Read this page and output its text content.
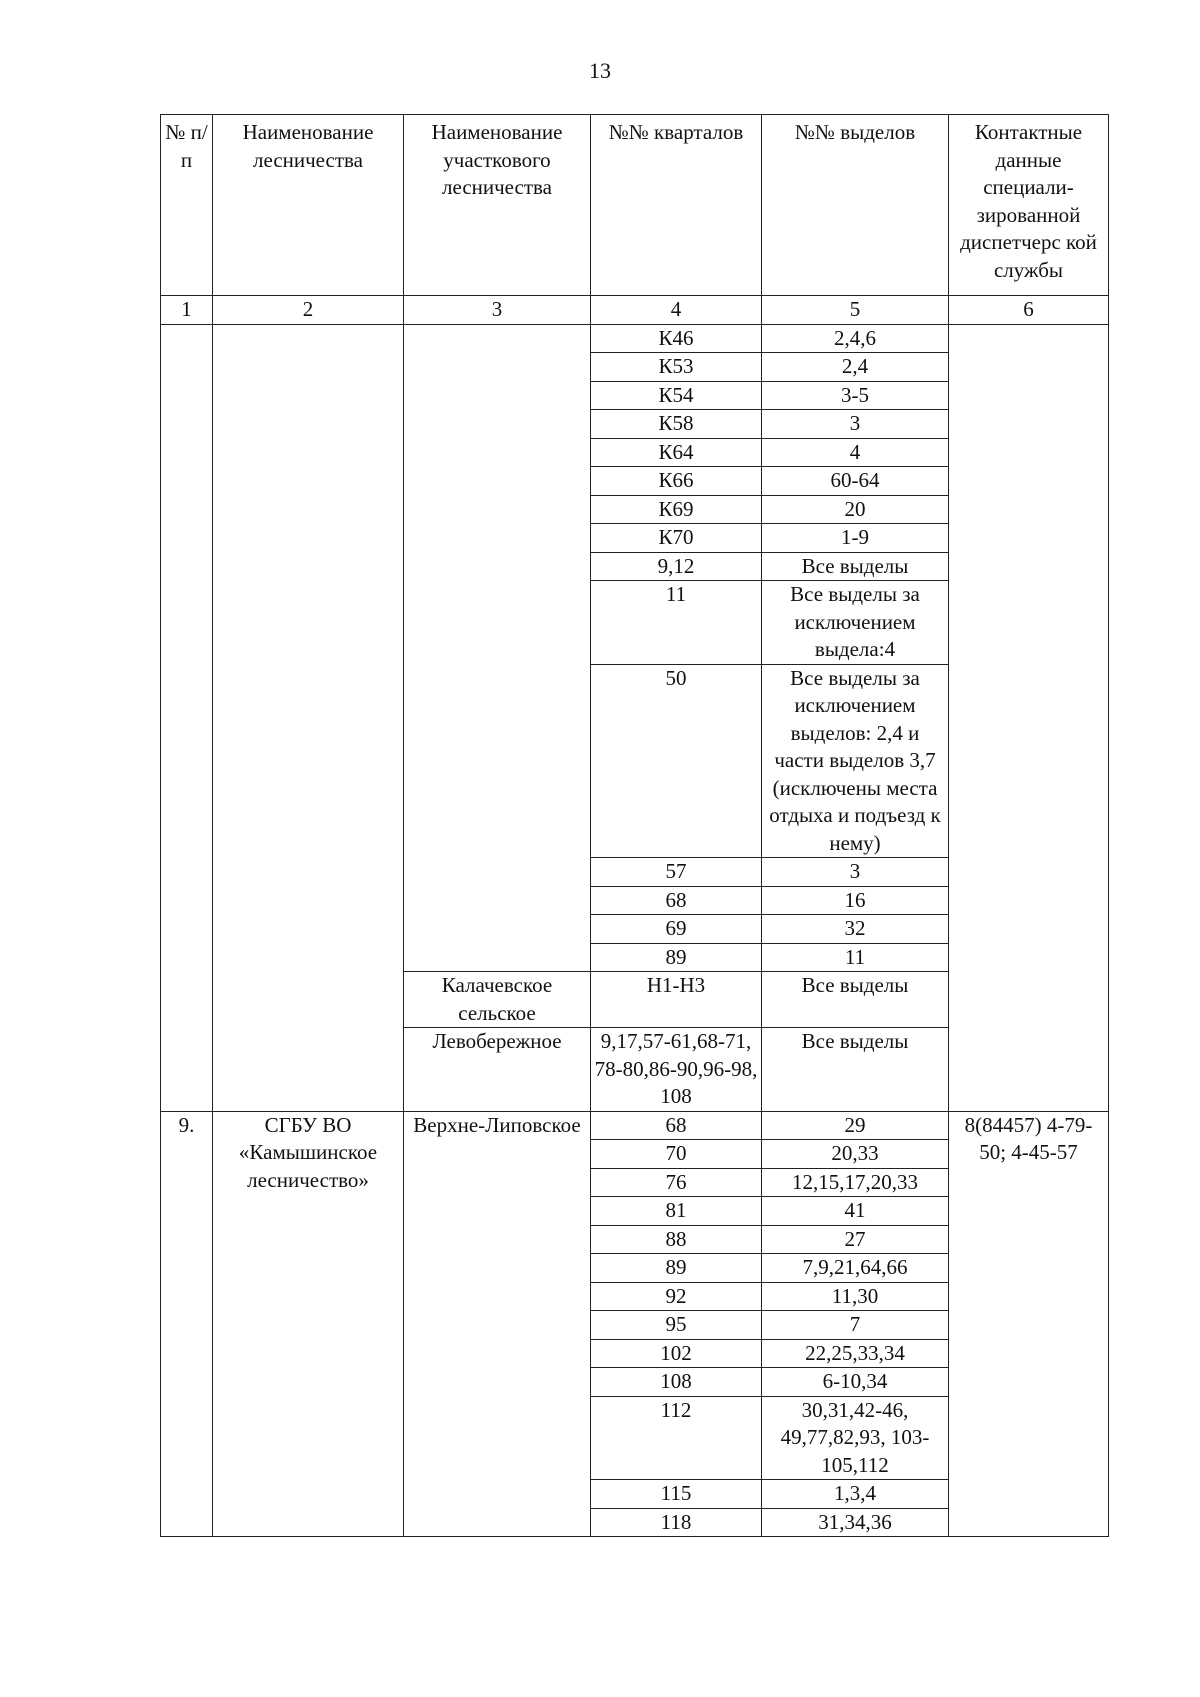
13
№ п/п	Наименование лесничества	Наименование участкового лесничества	№№ кварталов	№№ выделов	Контактные данные специали-зированной диспетчерс кой службы
1	2	3	4	5	6
			К46	2,4,6	
			К53	2,4	
			К54	3-5	
			К58	3	
			К64	4	
			К66	60-64	
			К69	20	
			К70	1-9	
			9,12	Все выделы	
			11	Все выделы за исключением выдела:4	
			50	Все выделы за исключением выделов: 2,4 и части выделов 3,7 (исключены места отдыха и подъезд к нему)	
			57	3	
			68	16	
			69	32	
			89	11	
		Калачевское сельское	Н1-Н3	Все выделы	
		Левобережное	9,17,57-61,68-71, 78-80,86-90,96-98, 108	Все выделы	
9.	СГБУ ВО «Камышинское лесничество»	Верхне-Липовское	68	29	8(84457) 4-79-50; 4-45-57
			70	20,33	
			76	12,15,17,20,33	
			81	41	
			88	27	
			89	7,9,21,64,66	
			92	11,30	
			95	7	
			102	22,25,33,34	
			108	6-10,34	
			112	30,31,42-46, 49,77,82,93, 103-105,112	
			115	1,3,4	
			118	31,34,36	
